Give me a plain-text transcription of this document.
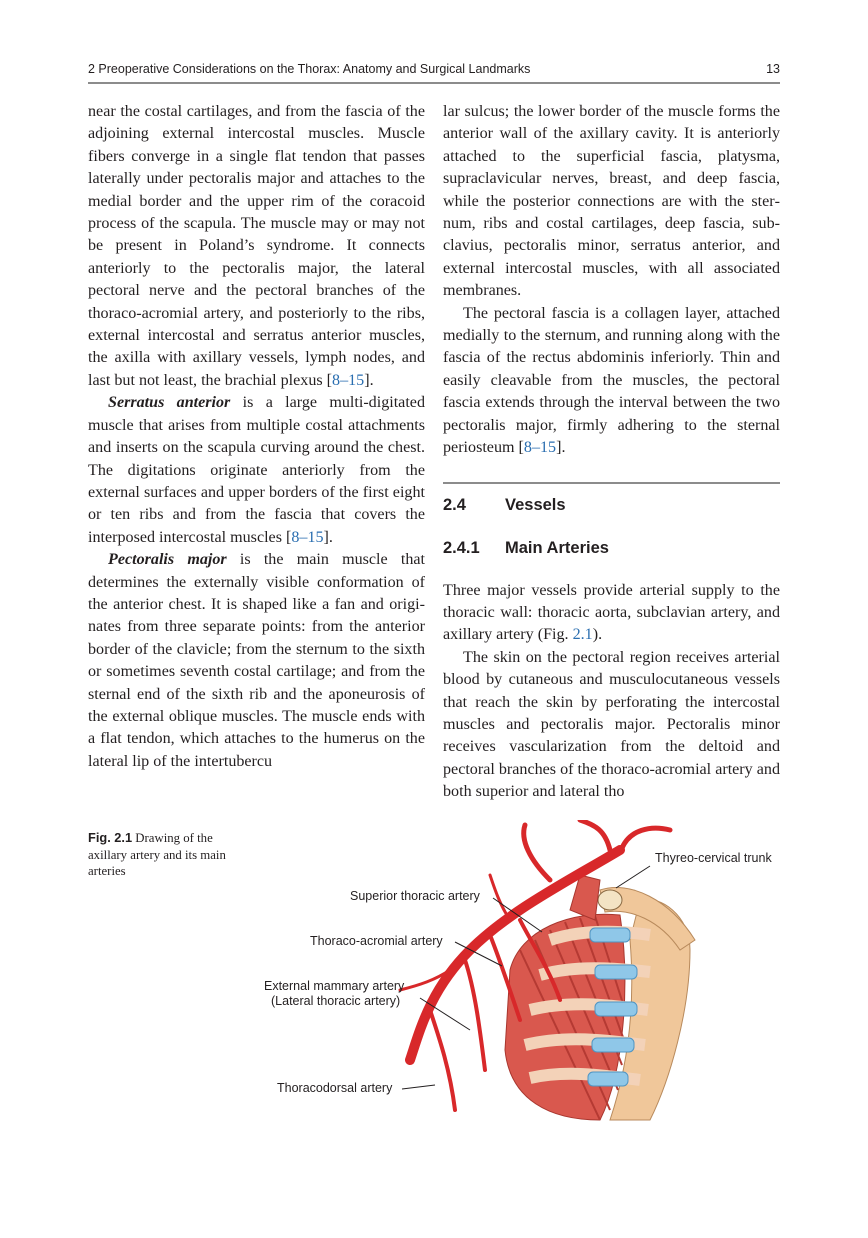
2 Preoperative Considerations on the Thorax: Anatomy and Surgical Landmarks	13

near the costal cartilages, and from the fascia of the adjoining external intercostal muscles. Muscle fibers converge in a single flat tendon that passes laterally under pectoralis major and attaches to the medial border and the upper rim of the coracoid process of the scapula. The muscle may or may not be present in Poland’s syndrome. It connects anteriorly to the pectoralis major, the lateral pectoral nerve and the pectoral branches of the thoraco-acromial artery, and posteriorly to the ribs, external intercostal and serratus anterior muscles, the axilla with axillary vessels, lymph nodes, and last but not least, the brachial plexus [8–15].

Serratus anterior is a large multi-digitated muscle that arises from multiple costal attachments and inserts on the scapula curving around the chest. The digitations originate anteriorly from the external surfaces and upper borders of the first eight or ten ribs and from the fascia that covers the interposed intercostal muscles [8–15].

Pectoralis major is the main muscle that determines the externally visible conformation of the anterior chest. It is shaped like a fan and originates from three separate points: from the anterior border of the clavicle; from the sternum to the sixth or sometimes seventh costal cartilage; and from the sternal end of the sixth rib and the aponeurosis of the external oblique muscles. The muscle ends with a flat tendon, which attaches to the humerus on the lateral lip of the intertubercu

lar sulcus; the lower border of the muscle forms the anterior wall of the axillary cavity. It is anteriorly attached to the superficial fascia, platysma, supraclavicular nerves, breast, and deep fascia, while the posterior connections are with the sternum, ribs and costal cartilages, deep fascia, subclavius, pectoralis minor, serratus anterior, and external intercostal muscles, with all associated membranes.

The pectoral fascia is a collagen layer, attached medially to the sternum, and running along with the fascia of the rectus abdominis inferiorly. Thin and easily cleavable from the muscles, the pectoral fascia extends through the interval between the two pectoralis major, firmly adhering to the sternal periosteum [8–15].

2.4 Vessels
2.4.1 Main Arteries

Three major vessels provide arterial supply to the thoracic wall: thoracic aorta, subclavian artery, and axillary artery (Fig. 2.1).

The skin on the pectoral region receives arterial blood by cutaneous and musculocutaneous vessels that reach the skin by perforating the intercostal muscles and pectoralis major. Pectoralis minor receives vascularization from the deltoid and pectoral branches of the thoraco-acromial artery and both superior and lateral tho

Fig. 2.1 Drawing of the axillary artery and its main arteries
Thyreo-cervical trunk
Superior thoracic artery
Thoraco-acromial artery
External mammary artery
(Lateral thoracic artery)
Thoracodorsal artery
